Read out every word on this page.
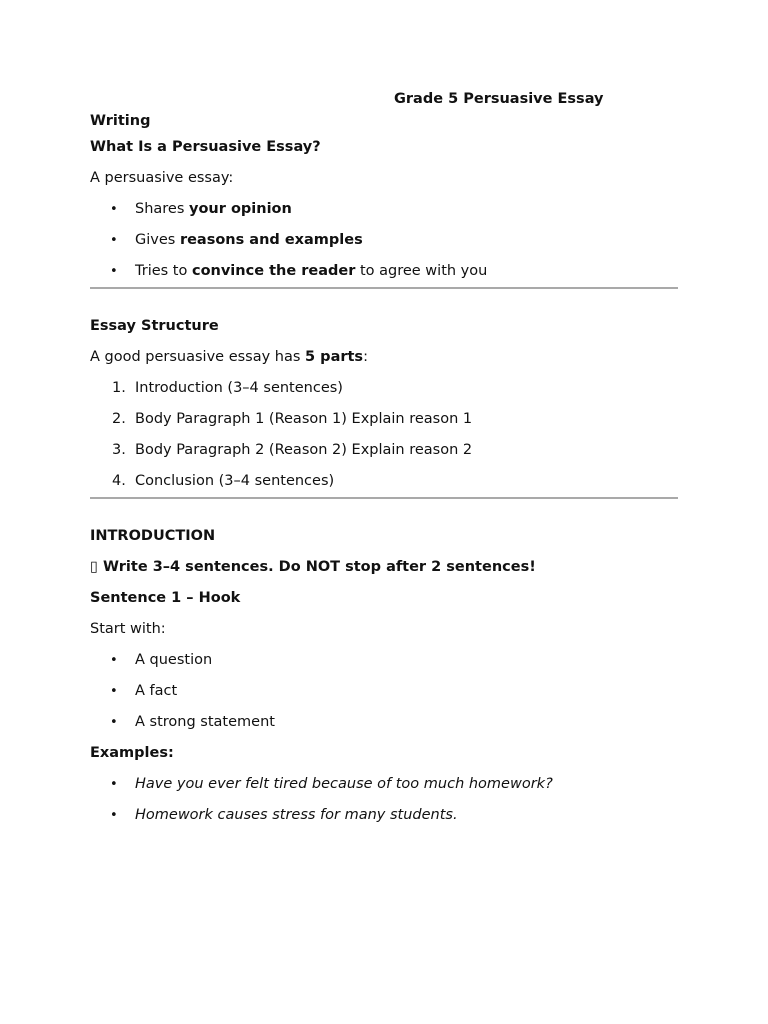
Grade 5 Persuasive Essay
Writing
What Is a Persuasive Essay?
A persuasive essay:
• Shares your opinion
• Gives reasons and examples
• Tries to convince the reader to agree with you
Essay Structure
A good persuasive essay has 5 parts:
1. Introduction (3–4 sentences)
2. Body Paragraph 1 (Reason 1) Explain reason 1
3. Body Paragraph 2 (Reason 2) Explain reason 2
4. Conclusion (3–4 sentences)
INTRODUCTION
▯ Write 3–4 sentences. Do NOT stop after 2 sentences!
Sentence 1 – Hook
Start with:
• A question
• A fact
• A strong statement
Examples:
• Have you ever felt tired because of too much homework?
• Homework causes stress for many students.
